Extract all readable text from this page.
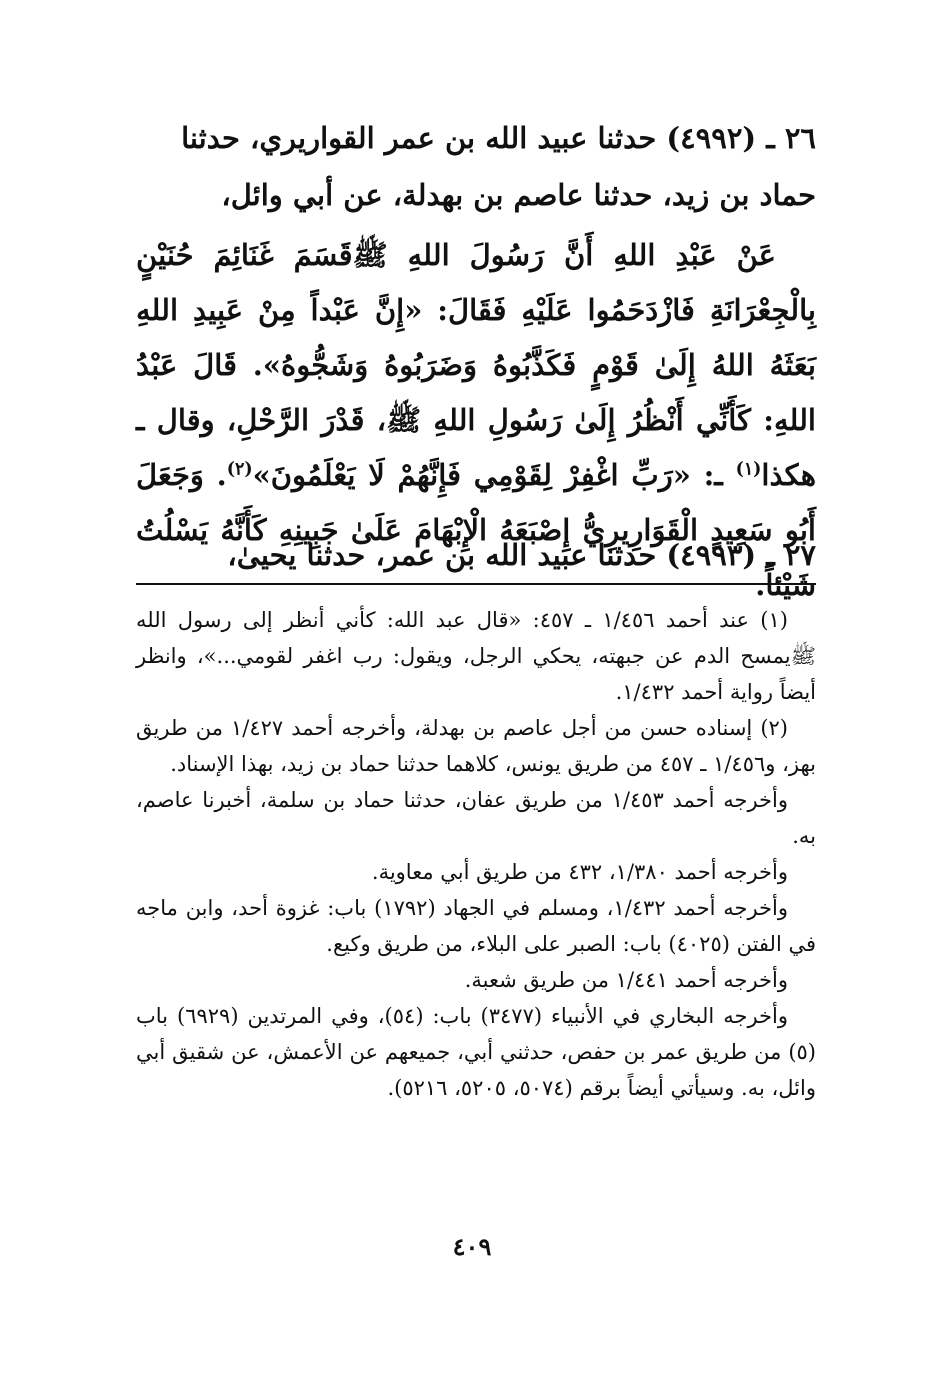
٢٦ ـ (٤٩٩٢) حدثنا عبيد الله بن عمر القواريري، حدثنا

حماد بن زيد، حدثنا عاصم بن بهدلة، عن أبي وائل،

عَنْ عَبْدِ اللهِ أَنَّ رَسُولَ اللهِ ﷺقَسَمَ غَنَائِمَ حُنَيْنٍ بِالْجِعْرَانَةِ فَازْدَحَمُوا عَلَيْهِ فَقَالَ: «إِنَّ عَبْداً مِنْ عَبِيدِ اللهِ بَعَثَهُ اللهُ إِلَىٰ قَوْمٍ فَكَذَّبُوهُ وَضَرَبُوهُ وَشَجُّوهُ». قَالَ عَبْدُ اللهِ: كَأَنِّي أَنْظُرُ إِلَىٰ رَسُولِ اللهِ ﷺ، قَدْرَ الرَّحْلِ، وقال ـ هكذا$^{(١)}$ ـ: «رَبِّ اغْفِرْ لِقَوْمِي فَإِنَّهُمْ لَا يَعْلَمُونَ»$^{(٢)}$. وَجَعَلَ أَبُو سَعِيدٍ الْقَوَارِيرِيُّ إِصْبَعَهُ الْإِبْهَامَ عَلَىٰ جَبِينِهِ كَأَنَّهُ يَسْلُتُ شَيْئاً.

٢٧ ـ (٤٩٩٣) حدثنا عبيد الله بن عمر، حدثنا يحيىٰ،

(١) عند أحمد ١/٤٥٦ ـ ٤٥٧: «قال عبد الله: كأني أنظر إلى رسول الله ﷺيمسح الدم عن جبهته، يحكي الرجل، ويقول: رب اغفر لقومي...»، وانظر أيضاً رواية أحمد ١/٤٣٢.

(٢) إسناده حسن من أجل عاصم بن بهدلة، وأخرجه أحمد ١/٤٢٧ من طريق بهز، و١/٤٥٦ ـ ٤٥٧ من طريق يونس، كلاهما حدثنا حماد بن زيد، بهذا الإسناد.

وأخرجه أحمد ١/٤٥٣ من طريق عفان، حدثنا حماد بن سلمة، أخبرنا عاصم، به.

وأخرجه أحمد ١/٣٨٠، ٤٣٢ من طريق أبي معاوية.

وأخرجه أحمد ١/٤٣٢، ومسلم في الجهاد (١٧٩٢) باب: غزوة أحد، وابن ماجه في الفتن (٤٠٢٥) باب: الصبر على البلاء، من طريق وكيع.

وأخرجه أحمد ١/٤٤١ من طريق شعبة.

وأخرجه البخاري في الأنبياء (٣٤٧٧) باب: (٥٤)، وفي المرتدين (٦٩٢٩) باب (٥) من طريق عمر بن حفص، حدثني أبي، جميعهم عن الأعمش، عن شقيق أبي وائل، به. وسيأتي أيضاً برقم (٥٠٧٤، ٥٢٠٥، ٥٢١٦).

٤٠٩
